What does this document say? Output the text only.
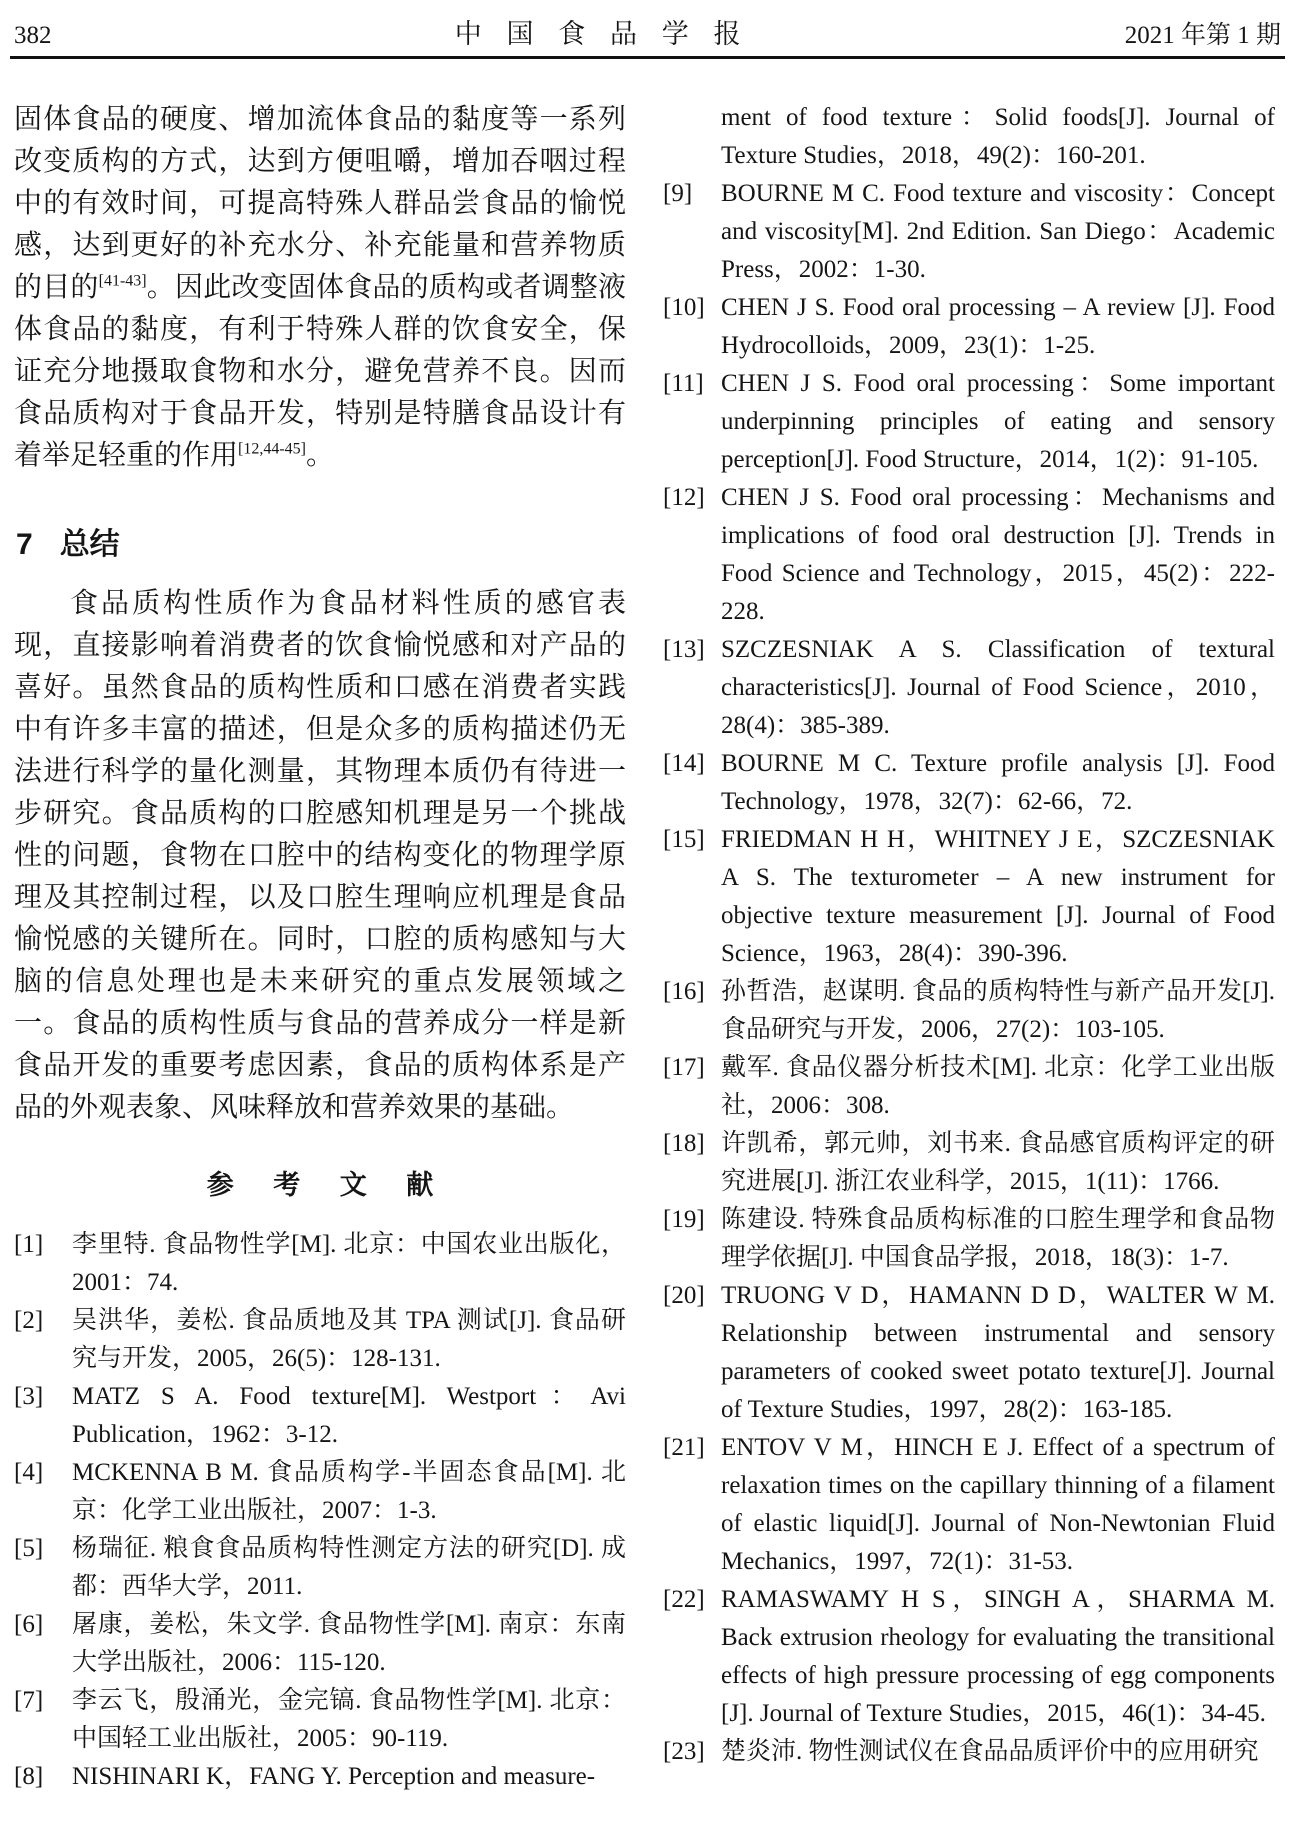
382	中 国 食 品 学 报	2021 年第 1 期

固体食品的硬度、增加流体食品的黏度等一系列改变质构的方式，达到方便咀嚼，增加吞咽过程中的有效时间，可提高特殊人群品尝食品的愉悦感，达到更好的补充水分、补充能量和营养物质的目的[41-43]。因此改变固体食品的质构或者调整液体食品的黏度，有利于特殊人群的饮食安全，保证充分地摄取食物和水分，避免营养不良。因而食品质构对于食品开发，特别是特膳食品设计有着举足轻重的作用[12,44-45]。

7 总结

食品质构性质作为食品材料性质的感官表现，直接影响着消费者的饮食愉悦感和对产品的喜好。虽然食品的质构性质和口感在消费者实践中有许多丰富的描述，但是众多的质构描述仍无法进行科学的量化测量，其物理本质仍有待进一步研究。食品质构的口腔感知机理是另一个挑战性的问题，食物在口腔中的结构变化的物理学原理及其控制过程，以及口腔生理响应机理是食品愉悦感的关键所在。同时，口腔的质构感知与大脑的信息处理也是未来研究的重点发展领域之一。食品的质构性质与食品的营养成分一样是新食品开发的重要考虑因素，食品的质构体系是产品的外观表象、风味释放和营养效果的基础。

参 考 文 献
[1] 李里特. 食品物性学[M]. 北京：中国农业出版化，2001：74.
[2] 吴洪华，姜松. 食品质地及其 TPA 测试[J]. 食品研究与开发，2005，26(5)：128-131.
[3] MATZ S A. Food texture[M]. Westport：Avi Publication，1962：3-12.
[4] MCKENNA B M. 食品质构学-半固态食品[M]. 北京：化学工业出版社，2007：1-3.
[5] 杨瑞征. 粮食食品质构特性测定方法的研究[D]. 成都：西华大学，2011.
[6] 屠康，姜松，朱文学. 食品物性学[M]. 南京：东南大学出版社，2006：115-120.
[7] 李云飞，殷涌光，金完镐. 食品物性学[M]. 北京：中国轻工业出版社，2005：90-119.
[8] NISHINARI K，FANG Y. Perception and measure-
ment of food texture：Solid foods[J]. Journal of Texture Studies，2018，49(2)：160-201.
[9] BOURNE M C. Food texture and viscosity：Concept and viscosity[M]. 2nd Edition. San Diego：Academic Press，2002：1-30.
[10] CHEN J S. Food oral processing – A review [J]. Food Hydrocolloids，2009，23(1)：1-25.
[11] CHEN J S. Food oral processing：Some important underpinning principles of eating and sensory perception[J]. Food Structure，2014，1(2)：91-105.
[12] CHEN J S. Food oral processing：Mechanisms and implications of food oral destruction [J]. Trends in Food Science and Technology，2015，45(2)：222-228.
[13] SZCZESNIAK A S. Classification of textural characteristics[J]. Journal of Food Science，2010，28(4)：385-389.
[14] BOURNE M C. Texture profile analysis [J]. Food Technology，1978，32(7)：62-66，72.
[15] FRIEDMAN H H，WHITNEY J E，SZCZESNIAK A S. The texturometer – A new instrument for objective texture measurement [J]. Journal of Food Science，1963，28(4)：390-396.
[16] 孙哲浩，赵谋明. 食品的质构特性与新产品开发[J]. 食品研究与开发，2006，27(2)：103-105.
[17] 戴军. 食品仪器分析技术[M]. 北京：化学工业出版社，2006：308.
[18] 许凯希，郭元帅，刘书来. 食品感官质构评定的研究进展[J]. 浙江农业科学，2015，1(11)：1766.
[19] 陈建设. 特殊食品质构标准的口腔生理学和食品物理学依据[J]. 中国食品学报，2018，18(3)：1-7.
[20] TRUONG V D，HAMANN D D，WALTER W M. Relationship between instrumental and sensory parameters of cooked sweet potato texture[J]. Journal of Texture Studies，1997，28(2)：163-185.
[21] ENTOV V M，HINCH E J. Effect of a spectrum of relaxation times on the capillary thinning of a filament of elastic liquid[J]. Journal of Non-Newtonian Fluid Mechanics，1997，72(1)：31-53.
[22] RAMASWAMY H S，SINGH A，SHARMA M. Back extrusion rheology for evaluating the transitional effects of high pressure processing of egg components [J]. Journal of Texture Studies，2015，46(1)：34-45.
[23] 楚炎沛. 物性测试仪在食品品质评价中的应用研究
